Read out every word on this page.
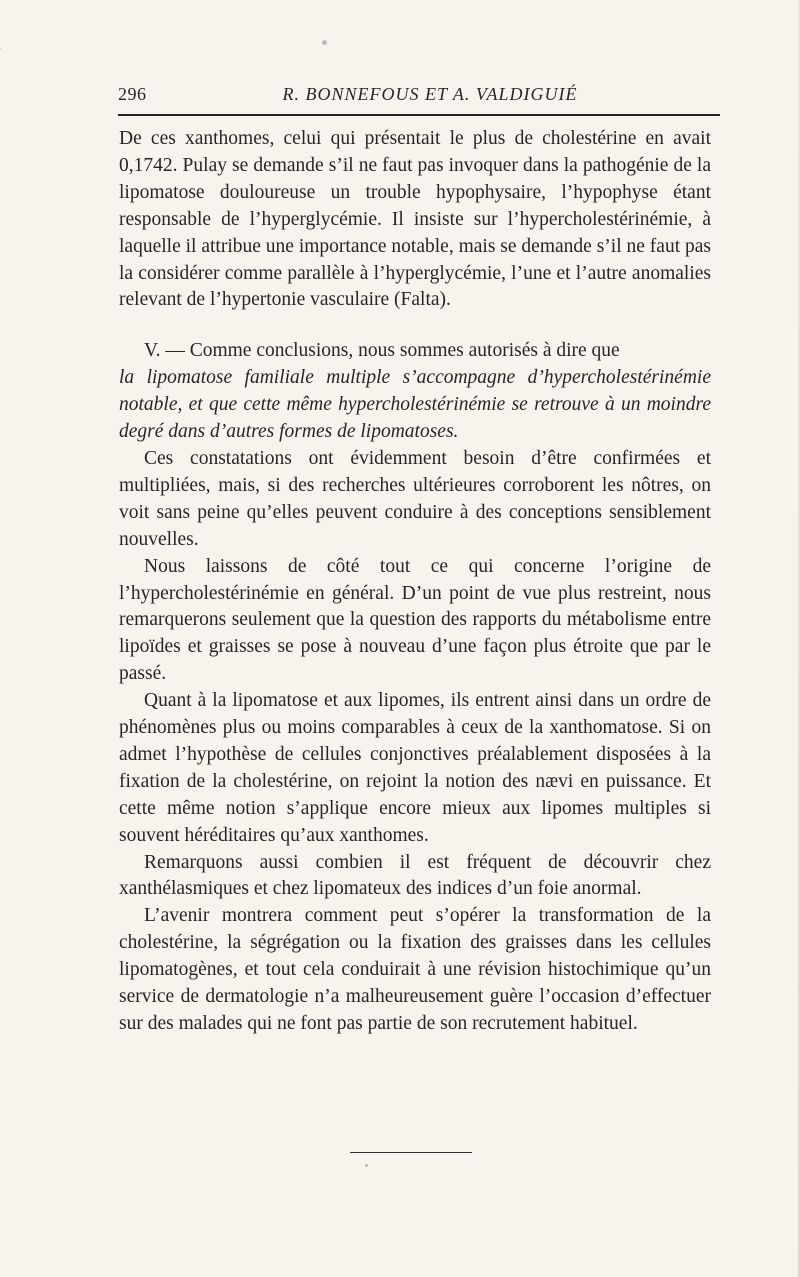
296	R. BONNEFOUS ET A. VALDIGUIÉ

De ces xanthomes, celui qui présentait le plus de cholestérine en avait 0,1742. Pulay se demande s’il ne faut pas invoquer dans la pathogénie de la lipomatose douloureuse un trouble hypophysaire, l’hypophyse étant responsable de l’hyperglycémie. Il insiste sur l’hypercholestérinémie, à laquelle il attribue une importance notable, mais se demande s’il ne faut pas la considérer comme parallèle à l’hyperglycémie, l’une et l’autre anomalies relevant de l’hypertonie vasculaire (Falta).

V. — Comme conclusions, nous sommes autorisés à dire que

la lipomatose familiale multiple s’accompagne d’hypercholestérinémie notable, et que cette même hypercholestérinémie se retrouve à un moindre degré dans d’autres formes de lipomatoses.

Ces constatations ont évidemment besoin d’être confirmées et multipliées, mais, si des recherches ultérieures corroborent les nôtres, on voit sans peine qu’elles peuvent conduire à des conceptions sensiblement nouvelles.

Nous laissons de côté tout ce qui concerne l’origine de l’hypercholestérinémie en général. D’un point de vue plus restreint, nous remarquerons seulement que la question des rapports du métabolisme entre lipoïdes et graisses se pose à nouveau d’une façon plus étroite que par le passé.

Quant à la lipomatose et aux lipomes, ils entrent ainsi dans un ordre de phénomènes plus ou moins comparables à ceux de la xanthomatose. Si on admet l’hypothèse de cellules conjonctives préalablement disposées à la fixation de la cholestérine, on rejoint la notion des nævi en puissance. Et cette même notion s’applique encore mieux aux lipomes multiples si souvent héréditaires qu’aux xanthomes.

Remarquons aussi combien il est fréquent de découvrir chez xanthélasmiques et chez lipomateux des indices d’un foie anormal.

L’avenir montrera comment peut s’opérer la transformation de la cholestérine, la ségrégation ou la fixation des graisses dans les cellules lipomatogènes, et tout cela conduirait à une révision histochimique qu’un service de dermatologie n’a malheureusement guère l’occasion d’effectuer sur des malades qui ne font pas partie de son recrutement habituel.
